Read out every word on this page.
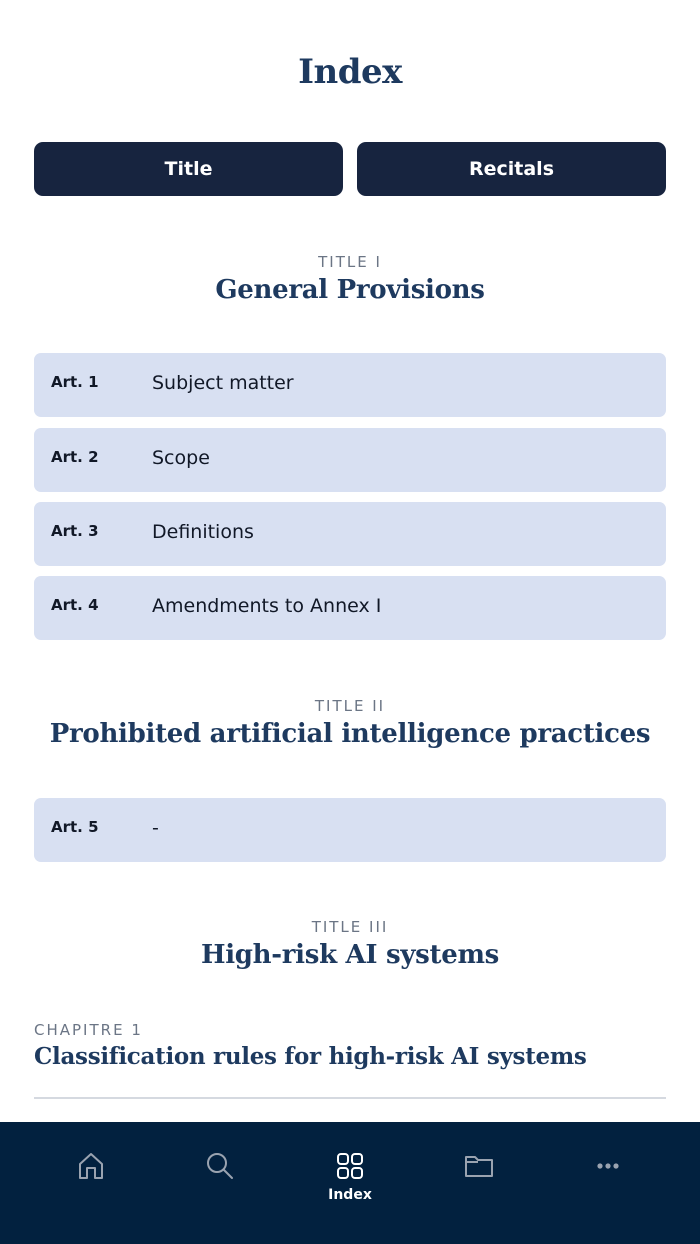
Index
Title	Recitals
TITLE I
General Provisions
Art. 1	Subject matter
Art. 2	Scope
Art. 3	Definitions
Art. 4	Amendments to Annex I
TITLE II
Prohibited artificial intelligence practices
Art. 5	-
TITLE III
High-risk AI systems
CHAPITRE 1
Classification rules for high-risk AI systems
Index
